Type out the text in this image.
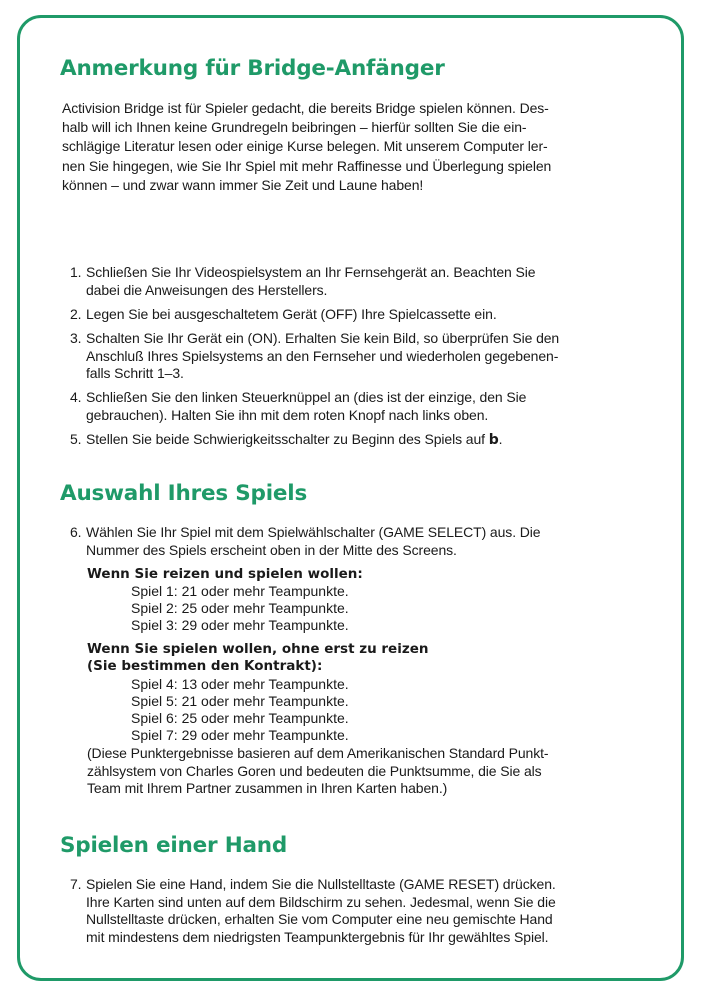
Anmerkung für Bridge-Anfänger

Activision Bridge ist für Spieler gedacht, die bereits Bridge spielen können. Des-
halb will ich Ihnen keine Grundregeln beibringen – hierfür sollten Sie die ein-
schlägige Literatur lesen oder einige Kurse belegen. Mit unserem Computer ler-
nen Sie hingegen, wie Sie Ihr Spiel mit mehr Raffinesse und Überlegung spielen
können – und zwar wann immer Sie Zeit und Laune haben!

1. Schließen Sie Ihr Videospielsystem an Ihr Fernsehgerät an. Beachten Sie
dabei die Anweisungen des Herstellers.
2. Legen Sie bei ausgeschaltetem Gerät (OFF) Ihre Spielcassette ein.
3. Schalten Sie Ihr Gerät ein (ON). Erhalten Sie kein Bild, so überprüfen Sie den
Anschluß Ihres Spielsystems an den Fernseher und wiederholen gegebenen-
falls Schritt 1–3.
4. Schließen Sie den linken Steuerknüppel an (dies ist der einzige, den Sie
gebrauchen). Halten Sie ihn mit dem roten Knopf nach links oben.
5. Stellen Sie beide Schwierigkeitsschalter zu Beginn des Spiels auf b.
Auswahl Ihres Spiels
6. Wählen Sie Ihr Spiel mit dem Spielwählschalter (GAME SELECT) aus. Die
Nummer des Spiels erscheint oben in der Mitte des Screens.
Wenn Sie reizen und spielen wollen:
Spiel 1: 21 oder mehr Teampunkte.
Spiel 2: 25 oder mehr Teampunkte.
Spiel 3: 29 oder mehr Teampunkte.
Wenn Sie spielen wollen, ohne erst zu reizen
(Sie bestimmen den Kontrakt):
Spiel 4: 13 oder mehr Teampunkte.
Spiel 5: 21 oder mehr Teampunkte.
Spiel 6: 25 oder mehr Teampunkte.
Spiel 7: 29 oder mehr Teampunkte.
(Diese Punktergebnisse basieren auf dem Amerikanischen Standard Punkt-
zählsystem von Charles Goren und bedeuten die Punktsumme, die Sie als
Team mit Ihrem Partner zusammen in Ihren Karten haben.)
Spielen einer Hand
7. Spielen Sie eine Hand, indem Sie die Nullstelltaste (GAME RESET) drücken.
Ihre Karten sind unten auf dem Bildschirm zu sehen. Jedesmal, wenn Sie die
Nullstelltaste drücken, erhalten Sie vom Computer eine neu gemischte Hand
mit mindestens dem niedrigsten Teampunktergebnis für Ihr gewähltes Spiel.
